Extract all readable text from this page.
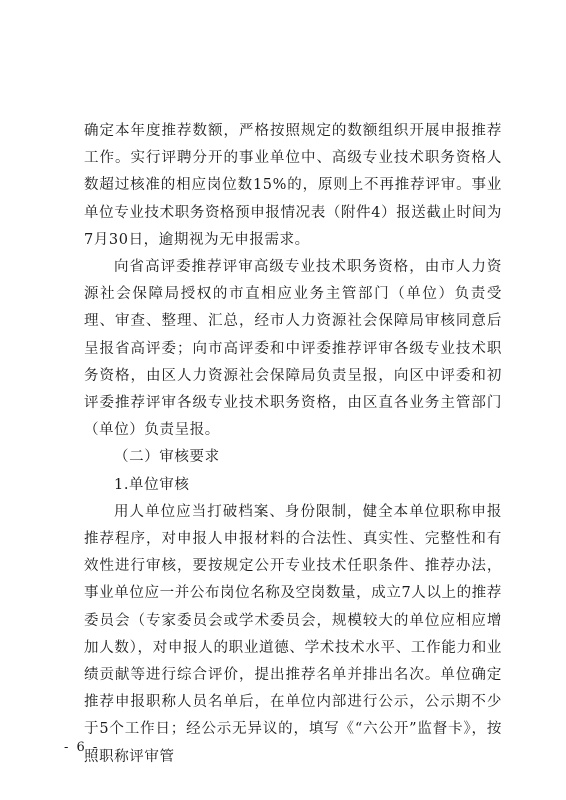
确定本年度推荐数额，严格按照规定的数额组织开展申报推荐工作。实行评聘分开的事业单位中、高级专业技术职务资格人数超过核准的相应岗位数15%的，原则上不再推荐评审。事业单位专业技术职务资格预申报情况表（附件4）报送截止时间为7月30日，逾期视为无申报需求。

向省高评委推荐评审高级专业技术职务资格，由市人力资源社会保障局授权的市直相应业务主管部门（单位）负责受理、审查、整理、汇总，经市人力资源社会保障局审核同意后呈报省高评委；向市高评委和中评委推荐评审各级专业技术职务资格，由区人力资源社会保障局负责呈报，向区中评委和初评委推荐评审各级专业技术职务资格，由区直各业务主管部门（单位）负责呈报。

（二）审核要求

1.单位审核

用人单位应当打破档案、身份限制，健全本单位职称申报推荐程序，对申报人申报材料的合法性、真实性、完整性和有效性进行审核，要按规定公开专业技术任职条件、推荐办法，事业单位应一并公布岗位名称及空岗数量，成立7人以上的推荐委员会（专家委员会或学术委员会，规模较大的单位应相应增加人数），对申报人的职业道德、学术技术水平、工作能力和业绩贡献等进行综合评价，提出推荐名单并排出名次。单位确定推荐申报职称人员名单后，在单位内部进行公示，公示期不少于5个工作日；经公示无异议的，填写《“六公开”监督卡》，按照职称评审管

- 6 -
